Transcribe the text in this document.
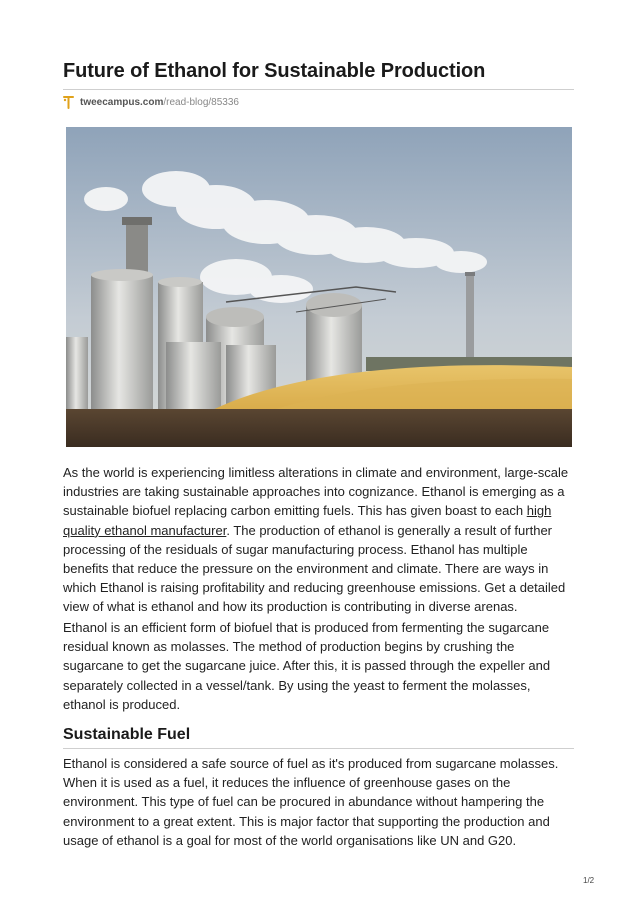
Future of Ethanol for Sustainable Production
tweecampus.com/read-blog/85336

As the world is experiencing limitless alterations in climate and environment, large-scale industries are taking sustainable approaches into cognizance. Ethanol is emerging as a sustainable biofuel replacing carbon emitting fuels. This has given boast to each high quality ethanol manufacturer. The production of ethanol is generally a result of further processing of the residuals of sugar manufacturing process. Ethanol has multiple benefits that reduce the pressure on the environment and climate. There are ways in which Ethanol is raising profitability and reducing greenhouse emissions. Get a detailed view of what is ethanol and how its production is contributing in diverse arenas.

Ethanol is an efficient form of biofuel that is produced from fermenting the sugarcane residual known as molasses. The method of production begins by crushing the sugarcane to get the sugarcane juice. After this, it is passed through the expeller and separately collected in a vessel/tank. By using the yeast to ferment the molasses, ethanol is produced.

Sustainable Fuel

Ethanol is considered a safe source of fuel as it's produced from sugarcane molasses. When it is used as a fuel, it reduces the influence of greenhouse gases on the environment. This type of fuel can be procured in abundance without hampering the environment to a great extent. This is major factor that supporting the production and usage of ethanol is a goal for most of the world organisations like UN and G20.

1/2
